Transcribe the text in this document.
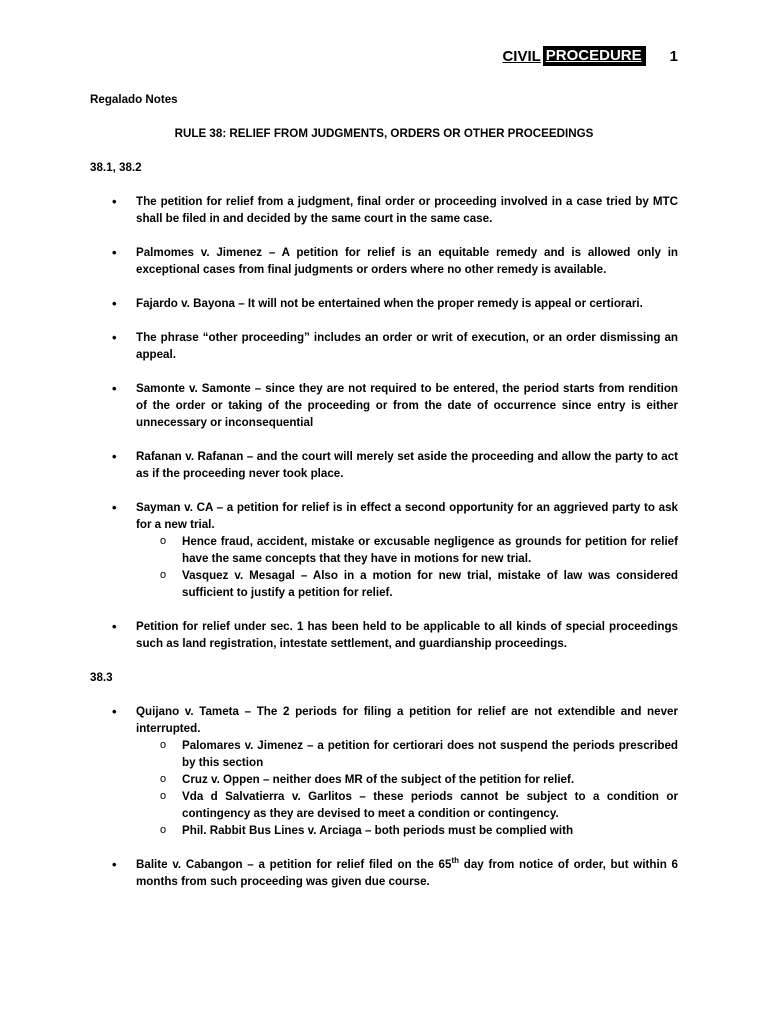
CIVIL PROCEDURE 1
Regalado Notes
RULE 38: RELIEF FROM JUDGMENTS, ORDERS OR OTHER PROCEEDINGS
38.1, 38.2
•	The petition for relief from a judgment, final order or proceeding involved in a case tried by MTC shall be filed in and decided by the same court in the same case.
•	Palmomes v. Jimenez – A petition for relief is an equitable remedy and is allowed only in exceptional cases from final judgments or orders where no other remedy is available.
•	Fajardo v. Bayona – It will not be entertained when the proper remedy is appeal or certiorari.
•	The phrase “other proceeding” includes an order or writ of execution, or an order dismissing an appeal.
•	Samonte v. Samonte – since they are not required to be entered, the period starts from rendition of the order or taking of the proceeding or from the date of occurrence since entry is either unnecessary or inconsequential
•	Rafanan v. Rafanan – and the court will merely set aside the proceeding and allow the party to act as if the proceeding never took place.
•	Sayman v. CA – a petition for relief is in effect a second opportunity for an aggrieved party to ask for a new trial.
o Hence fraud, accident, mistake or excusable negligence as grounds for petition for relief have the same concepts that they have in motions for new trial.
o Vasquez v. Mesagal – Also in a motion for new trial, mistake of law was considered sufficient to justify a petition for relief.
•	Petition for relief under sec. 1 has been held to be applicable to all kinds of special proceedings such as land registration, intestate settlement, and guardianship proceedings.
38.3
•	Quijano v. Tameta – The 2 periods for filing a petition for relief are not extendible and never interrupted.
o Palomares v. Jimenez – a petition for certiorari does not suspend the periods prescribed by this section
o Cruz v. Oppen – neither does MR of the subject of the petition for relief.
o Vda d Salvatierra v. Garlitos – these periods cannot be subject to a condition or contingency as they are devised to meet a condition or contingency.
o Phil. Rabbit Bus Lines v. Arciaga – both periods must be complied with
•	Balite v. Cabangon – a petition for relief filed on the 65th day from notice of order, but within 6 months from such proceeding was given due course.
